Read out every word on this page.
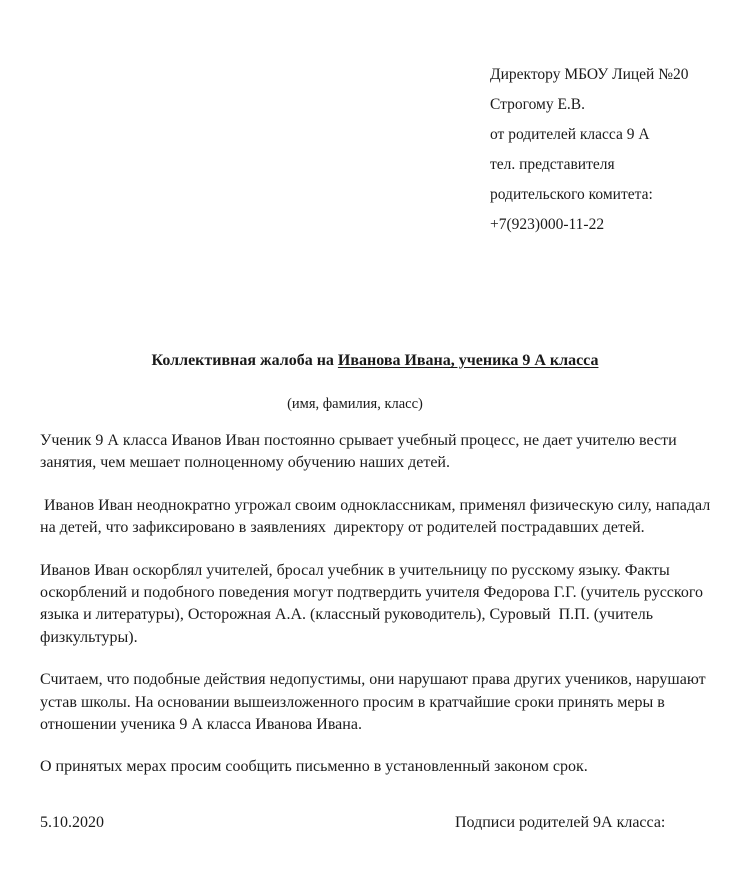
Директору МБОУ Лицей №20
Строгому Е.В.
от родителей класса 9 А
тел. представителя
родительского комитета:
+7(923)000-11-22
Коллективная жалоба на Иванова Ивана, ученика 9 А класса

(имя, фамилия, класс)

Ученик 9 А класса Иванов Иван постоянно срывает учебный процесс, не дает учителю вести занятия, чем мешает полноценному обучению наших детей.

Иванов Иван неоднократно угрожал своим одноклассникам, применял физическую силу, нападал на детей, что зафиксировано в заявлениях  директору от родителей пострадавших детей.

Иванов Иван оскорблял учителей, бросал учебник в учительницу по русскому языку. Факты оскорблений и подобного поведения могут подтвердить учителя Федорова Г.Г. (учитель русского языка и литературы), Осторожная А.А. (классный руководитель), Суровый  П.П. (учитель физкультуры).

Считаем, что подобные действия недопустимы, они нарушают права других учеников, нарушают устав школы. На основании вышеизложенного просим в кратчайшие сроки принять меры в отношении ученика 9 А класса Иванова Ивана.

О принятых мерах просим сообщить письменно в установленный законом срок.

5.10.2020	Подписи родителей 9А класса:
